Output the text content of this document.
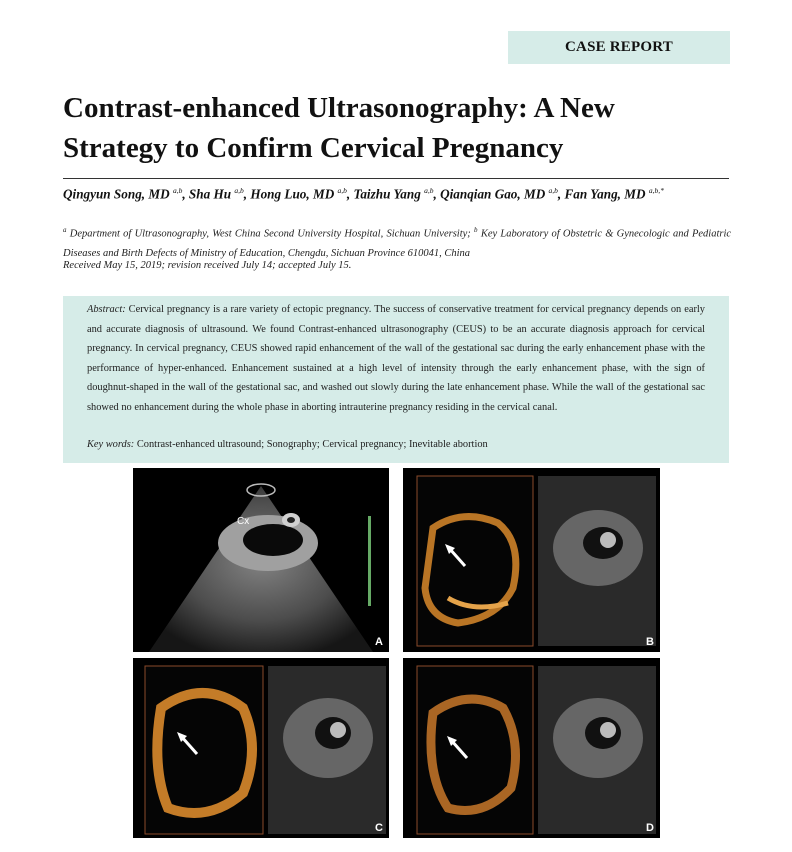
CASE REPORT
Contrast-enhanced Ultrasonography: A New
Strategy to Confirm Cervical Pregnancy
Qingyun Song, MD $^{a,b}$, Sha Hu $^{a,b}$, Hong Luo, MD $^{a,b}$, Taizhu Yang $^{a,b}$, Qianqian Gao, MD $^{a,b}$, Fan Yang, MD $^{a,b,*}$
$^a$ Department of Ultrasonography, West China Second University Hospital, Sichuan University; $^b$ Key Laboratory of Obstetric & Gynecologic and Pediatric Diseases and Birth Defects of Ministry of Education, Chengdu, Sichuan Province 610041, China
Received May 15, 2019; revision received July 14; accepted July 15.
Abstract: Cervical pregnancy is a rare variety of ectopic pregnancy. The success of conservative treatment for cervical pregnancy depends on early and accurate diagnosis of ultrasound. We found Contrast-enhanced ultrasonography (CEUS) to be an accurate diagnosis approach for cervical pregnancy. In cervical pregnancy, CEUS showed rapid enhancement of the wall of the gestational sac during the early enhancement phase with the performance of hyper-enhanced. Enhancement sustained at a high level of intensity through the early enhancement phase, with the sign of doughnut-shaped in the wall of the gestational sac, and washed out slowly during the late enhancement phase. While the wall of the gestational sac showed no enhancement during the whole phase in aborting intrauterine pregnancy residing in the cervical canal.
Key words: Contrast-enhanced ultrasound; Sonography; Cervical pregnancy; Inevitable abortion
Cx
A	B
C	D
